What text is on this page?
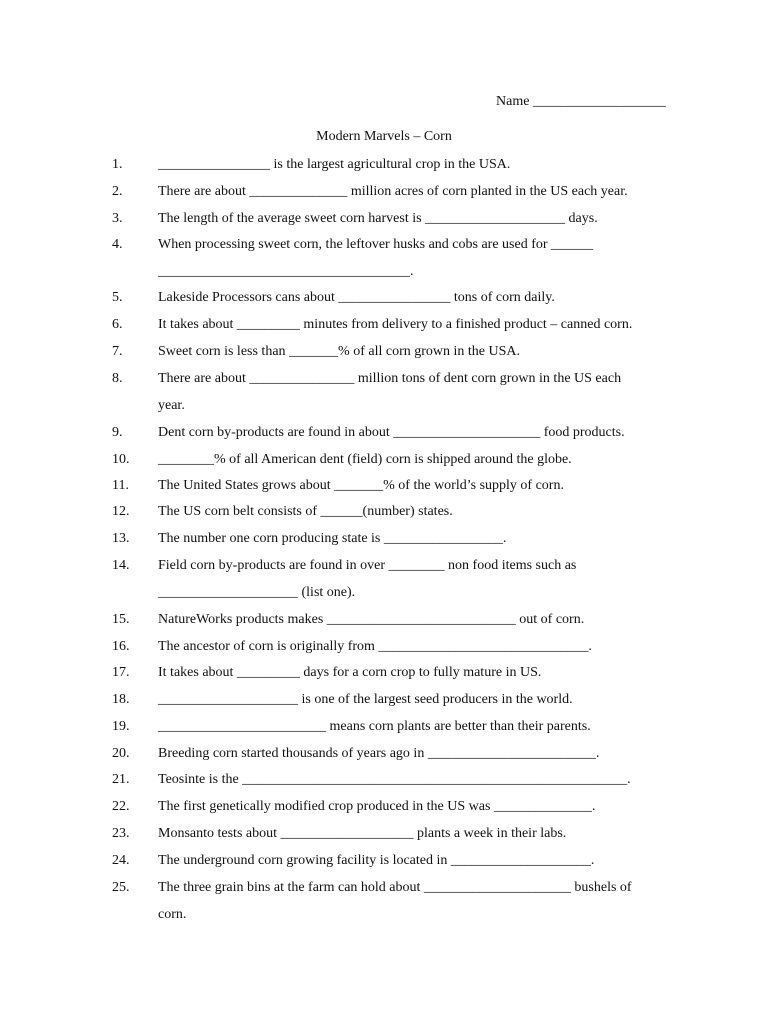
Name ___________________
Modern Marvels – Corn
1.	________________ is the largest agricultural crop in the USA.
2.	There are about ______________ million acres of corn planted in the US each year.
3.	The length of the average sweet corn harvest is ____________________ days.
4.	When processing sweet corn, the leftover husks and cobs are used for ______
____________________________________.
5.	Lakeside Processors cans about ________________ tons of corn daily.
6.	It takes about _________ minutes from delivery to a finished product – canned corn.
7.	Sweet corn is less than _______% of all corn grown in the USA.
8.	There are about _______________ million tons of dent corn grown in the US each
year.
9.	Dent corn by-products are found in about _____________________ food products.
10. ________% of all American dent (field) corn is shipped around the globe.
11. The United States grows about _______% of the world’s supply of corn.
12. The US corn belt consists of ______(number) states.
13. The number one corn producing state is _________________.
14. Field corn by-products are found in over ________ non food items such as
____________________ (list one).
15. NatureWorks products makes ___________________________ out of corn.
16. The ancestor of corn is originally from ______________________________.
17. It takes about _________ days for a corn crop to fully mature in US.
18. ____________________ is one of the largest seed producers in the world.
19. ________________________ means corn plants are better than their parents.
20. Breeding corn started thousands of years ago in ________________________.
21. Teosinte is the _______________________________________________________.
22. The first genetically modified crop produced in the US was ______________.
23. Monsanto tests about ___________________ plants a week in their labs.
24. The underground corn growing facility is located in ____________________.
25. The three grain bins at the farm can hold about _____________________ bushels of
corn.
